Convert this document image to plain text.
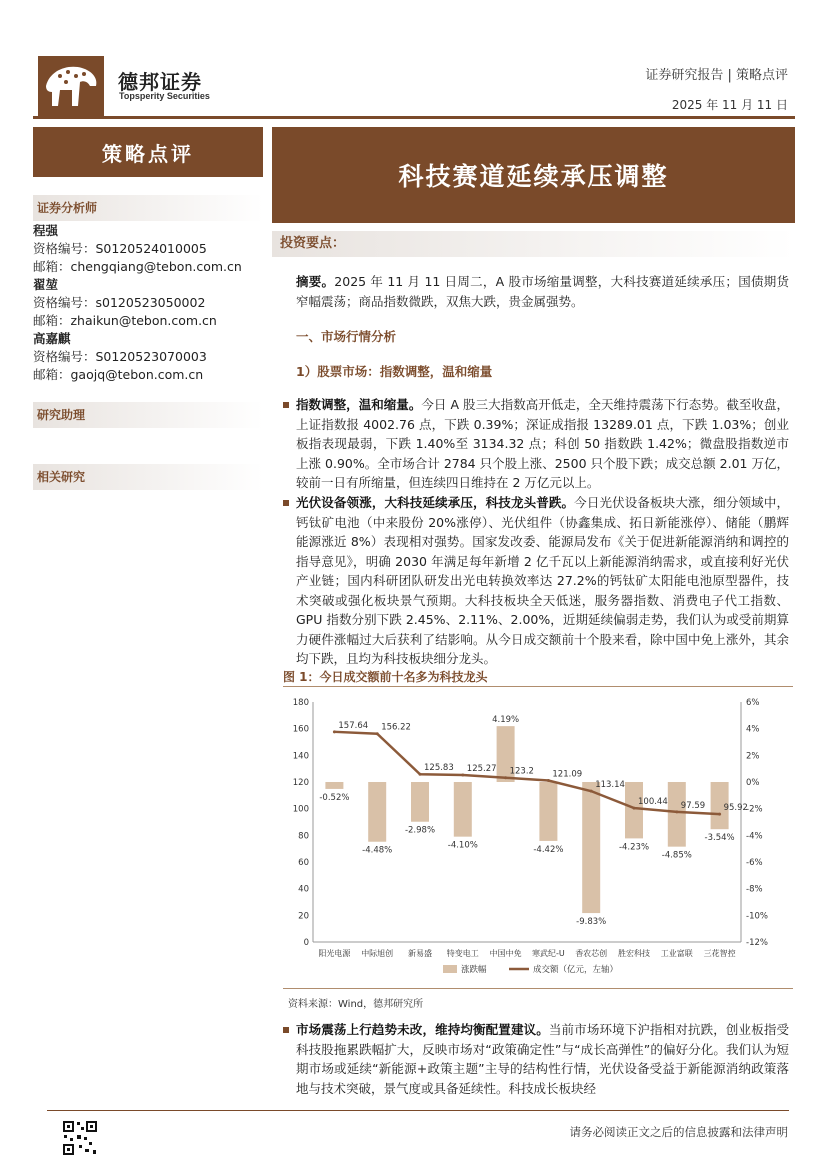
德邦证券
Topsperity Securities
证券研究报告 | 策略点评
2025 年 11 月 11 日
策略点评
证券分析师
程强
资格编号：S0120524010005
邮箱：chengqiang@tebon.com.cn
翟堃
资格编号：s0120523050002
邮箱：zhaikun@tebon.com.cn
高嘉麒
资格编号：S0120523070003
邮箱：gaojq@tebon.com.cn
研究助理
相关研究
科技赛道延续承压调整
投资要点：
摘要。2025 年 11 月 11 日周二，A 股市场缩量调整，大科技赛道延续承压；国债期货窄幅震荡；商品指数微跌，双焦大跌，贵金属强势。
一、市场行情分析
1）股票市场：指数调整，温和缩量
指数调整，温和缩量。今日 A 股三大指数高开低走，全天维持震荡下行态势。截至收盘，上证指数报 4002.76 点，下跌 0.39%；深证成指报 13289.01 点，下跌 1.03%；创业板指表现最弱，下跌 1.40%至 3134.32 点；科创 50 指数跌 1.42%；微盘股指数逆市上涨 0.90%。全市场合计 2784 只个股上涨、2500 只个股下跌；成交总额 2.01 万亿，较前一日有所缩量，但连续四日维持在 2 万亿元以上。
光伏设备领涨，大科技延续承压，科技龙头普跌。今日光伏设备板块大涨，细分领域中，钙钛矿电池（中来股份 20%涨停）、光伏组件（协鑫集成、拓日新能涨停）、储能（鹏辉能源涨近 8%）表现相对强势。国家发改委、能源局发布《关于促进新能源消纳和调控的指导意见》，明确 2030 年满足每年新增 2 亿千瓦以上新能源消纳需求，或直接利好光伏产业链；国内科研团队研发出光电转换效率达 27.2%的钙钛矿太阳能电池原型器件，技术突破或强化板块景气预期。大科技板块全天低迷，服务器指数、消费电子代工指数、GPU 指数分别下跌 2.45%、2.11%、2.00%，近期延续偏弱走势，我们认为或受前期算力硬件涨幅过大后获利了结影响。从今日成交额前十个股来看，除中国中免上涨外，其余均下跌，且均为科技板块细分龙头。
图 1：今日成交额前十名多为科技龙头
0
20
40
60
80
100
120
140
160
180	6%
4%
2%
0%
-2%
-4%
-6%
-8%
-10%
-12%
-0.52%
-4.48%
-2.98%
-4.10%
4.19%
-4.42%
-9.83%
-4.23%
-4.85%
-3.54%
157.64 156.22
125.83 125.27 123.2 121.09
113.14
100.44 97.59 95.92
阳光电源 中际旭创 新易盛 特变电工 中国中免 寒武纪-U 香农芯创 胜宏科技 工业富联 三花智控
涨跌幅	成交额（亿元，左轴）
资料来源：Wind，德邦研究所
市场震荡上行趋势未改，维持均衡配置建议。当前市场环境下沪指相对抗跌，创业板指受科技股拖累跌幅扩大，反映市场对“政策确定性”与“成长高弹性”的偏好分化。我们认为短期市场或延续“新能源+政策主题”主导的结构性行情，光伏设备受益于新能源消纳政策落地与技术突破，景气度或具备延续性。科技成长板块经
请务必阅读正文之后的信息披露和法律声明
